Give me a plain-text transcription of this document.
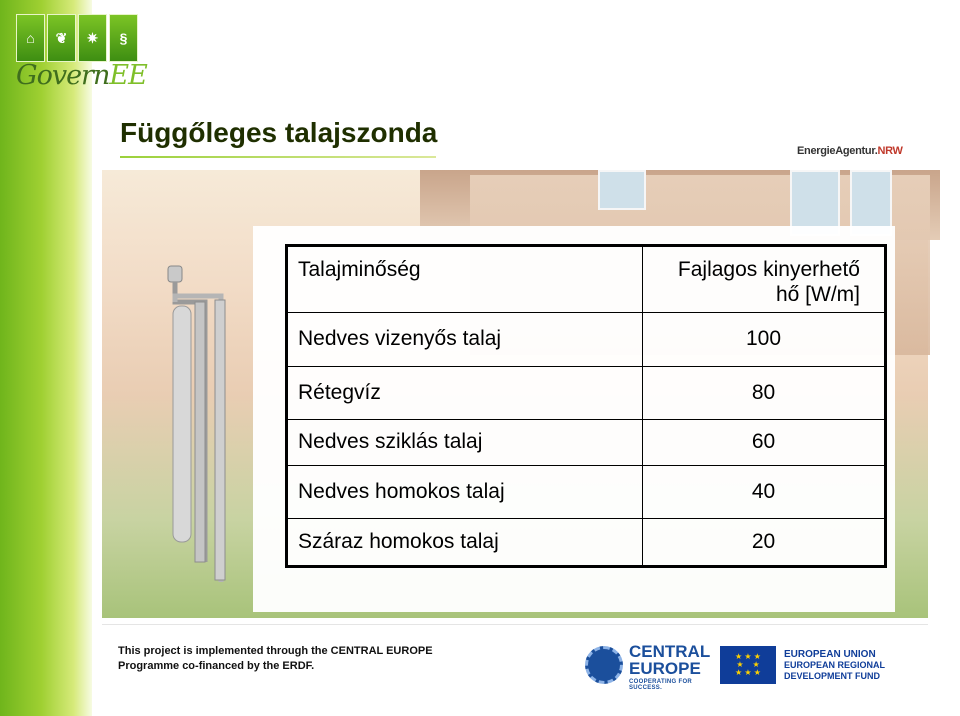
⌂	❦	✷	§
GovernEE
Függőleges talajszonda
EnergieAgentur.NRW
Talajminőség	Fajlagos kinyerhető
hő [W/m]
Nedves vizenyős talaj	100
Rétegvíz	80
Nedves sziklás talaj	60
Nedves homokos talaj	40
Száraz homokos talaj	20
This project is implemented through the CENTRAL EUROPE
Programme co-financed by the ERDF.
CENTRAL
EUROPE
COOPERATING FOR SUCCESS.
★ ★ ★
★    ★
★ ★ ★
EUROPEAN UNION
EUROPEAN REGIONAL
DEVELOPMENT FUND
